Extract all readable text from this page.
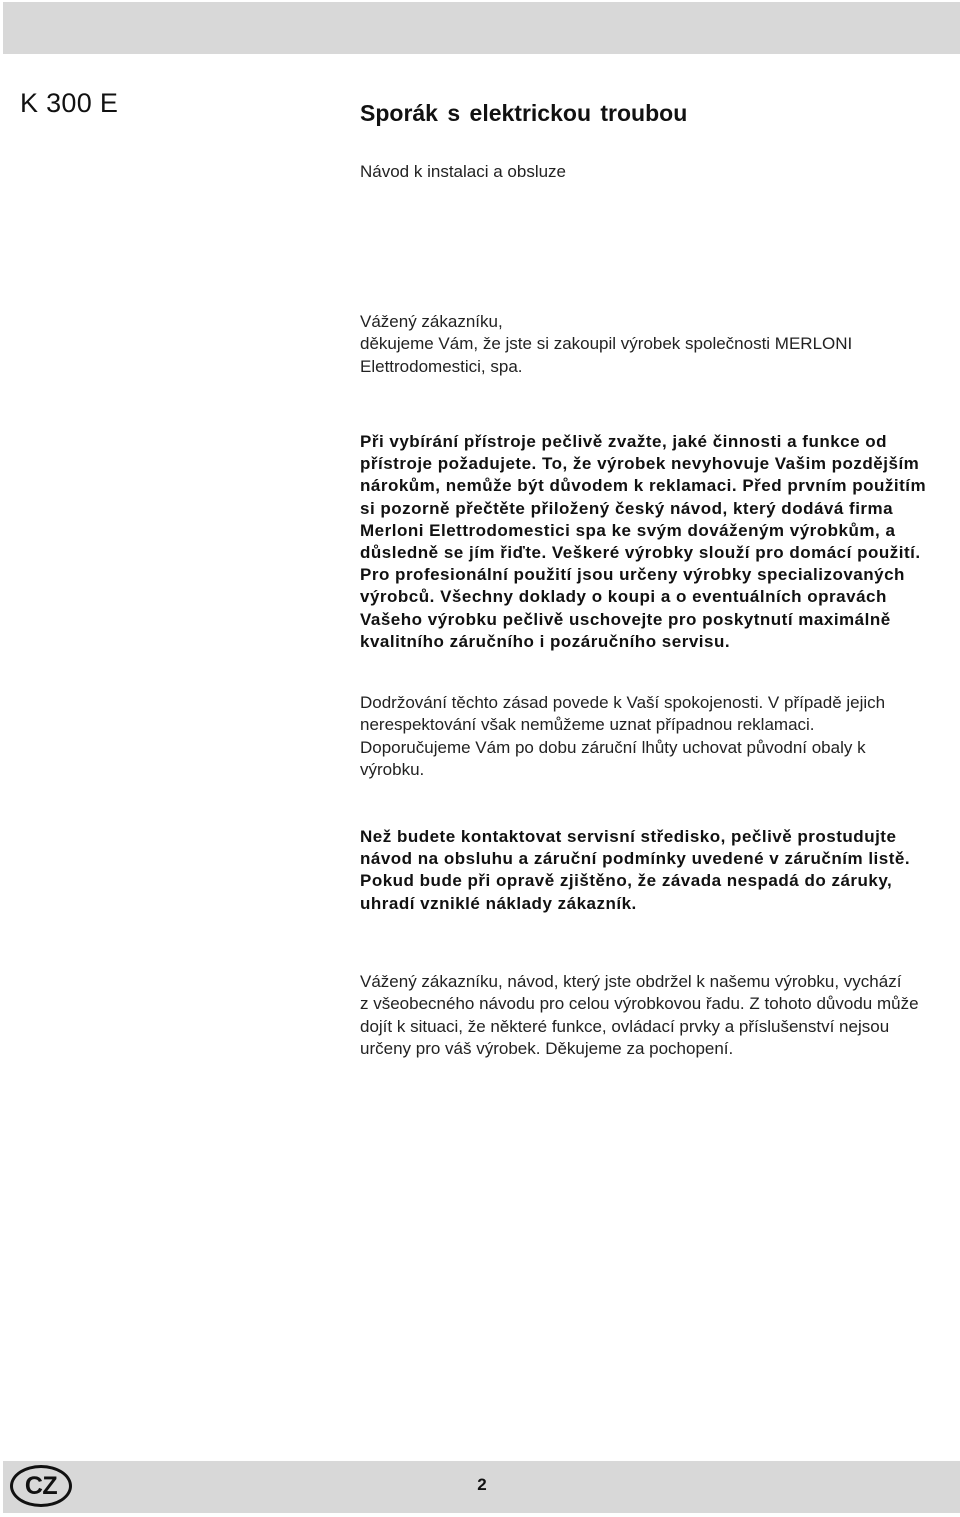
K 300 E	Sporák s elektrickou troubou

Návod k instalaci a obsluze

Vážený zákazníku,
děkujeme Vám, že jste si zakoupil výrobek společnosti MERLONI
Elettrodomestici, spa.
Při vybírání přístroje pečlivě zvažte, jaké činnosti a funkce od
přístroje požadujete. To, že výrobek nevyhovuje Vašim pozdějším
nárokům, nemůže být důvodem k reklamaci. Před prvním použitím
si pozorně přečtěte přiložený český návod, který dodává firma
Merloni Elettrodomestici spa ke svým dováženým výrobkům, a
důsledně se jím řiďte. Veškeré výrobky slouží pro domácí použití.
Pro profesionální použití jsou určeny výrobky specializovaných
výrobců. Všechny doklady o koupi a o eventuálních opravách
Vašeho výrobku pečlivě uschovejte pro poskytnutí maximálně
kvalitního záručního i pozáručního servisu.
Dodržování těchto zásad povede k Vaší spokojenosti. V případě jejich
nerespektování však nemůžeme uznat případnou reklamaci.
Doporučujeme Vám po dobu záruční lhůty uchovat původní obaly k
výrobku.
Než budete kontaktovat servisní středisko, pečlivě prostudujte
návod na obsluhu a záruční podmínky uvedené v záručním listě.
Pokud bude při opravě zjištěno, že závada nespadá do záruky,
uhradí vzniklé náklady zákazník.
Vážený zákazníku, návod, který jste obdržel k našemu výrobku, vychází
z všeobecného návodu pro celou výrobkovou řadu. Z tohoto důvodu může
dojít k situaci, že některé funkce, ovládací prvky a příslušenství nejsou
určeny pro váš výrobek. Děkujeme za pochopení.
CZ	2
